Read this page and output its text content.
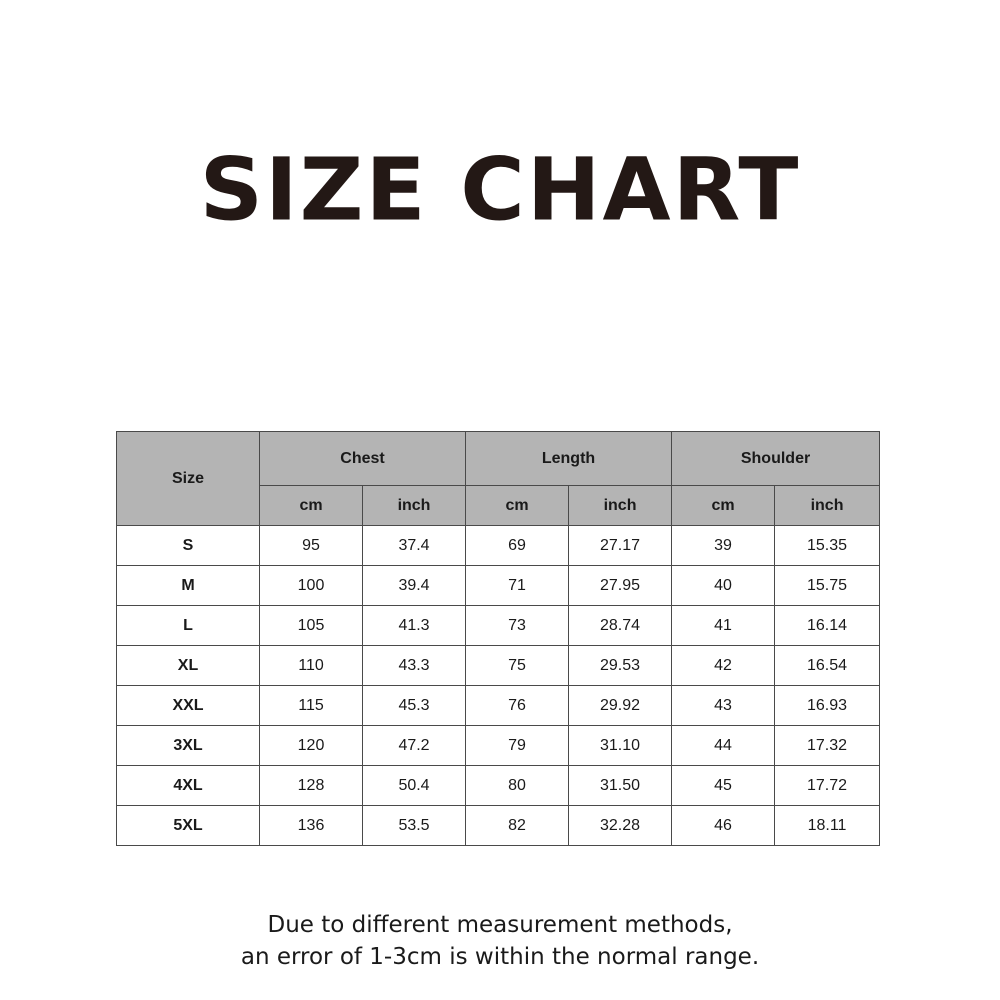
SIZE CHART
Size	Chest		Length		Shoulder	
	cm	inch	cm	inch	cm	inch
S	95	37.4	69	27.17	39	15.35
M	100	39.4	71	27.95	40	15.75
L	105	41.3	73	28.74	41	16.14
XL	110	43.3	75	29.53	42	16.54
XXL	115	45.3	76	29.92	43	16.93
3XL	120	47.2	79	31.10	44	17.32
4XL	128	50.4	80	31.50	45	17.72
5XL	136	53.5	82	32.28	46	18.11
Due to different measurement methods,
an error of 1-3cm is within the normal range.
